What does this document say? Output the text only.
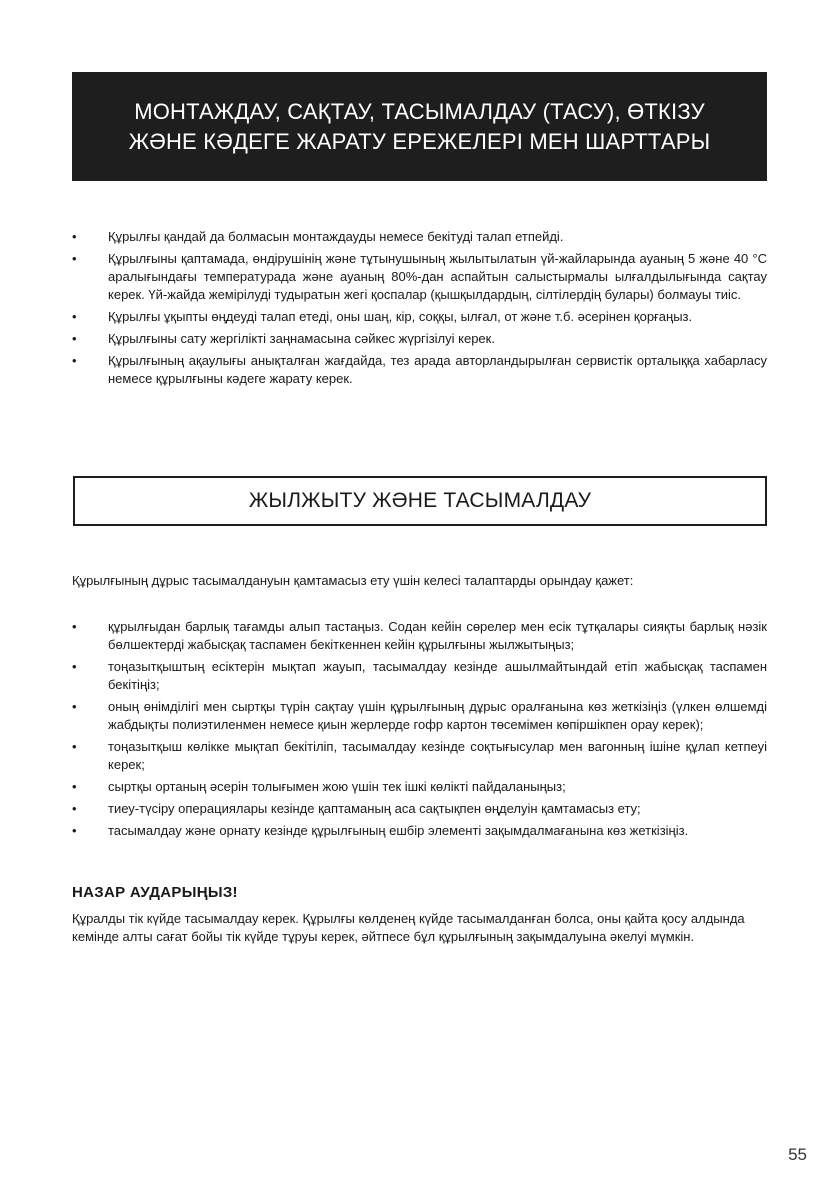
МОНТАЖДАУ, САҚТАУ, ТАСЫМАЛДАУ (ТАСУ), ӨТКІЗУ
ЖӘНЕ КӘДЕГЕ ЖАРАТУ ЕРЕЖЕЛЕРІ МЕН ШАРТТАРЫ
• Құрылғы қандай да болмасын монтаждауды немесе бекітуді талап етпейді.
• Құрылғыны қаптамада, өндірушінің және тұтынушының жылытылатын үй-жайларында ауаның 5 және 40 °С аралығындағы температурада және ауаның 80%-дан аспайтын салыстырмалы ылғалдылығында сақтау керек. Үй-жайда жемірілуді тудыратын жегі қоспалар (қышқылдардың, сілтілердің булары) болмауы тиіс.
• Құрылғы ұқыпты өңдеуді талап етеді, оны шаң, кір, соққы, ылғал, от және т.б. әсерінен қорғаңыз.
• Құрылғыны сату жергілікті заңнамасына сәйкес жүргізілуі керек.
• Құрылғының ақаулығы анықталған жағдайда, тез арада авторландырылған сервистік орталыққа хабарласу немесе құрылғыны кәдеге жарату керек.
ЖЫЛЖЫТУ ЖӘНЕ ТАСЫМАЛДАУ

Құрылғының дұрыс тасымалдануын қамтамасыз ету үшін келесі талаптарды орындау қажет:

• құрылғыдан барлық тағамды алып тастаңыз. Содан кейін сөрелер мен есік тұтқалары сияқты барлық нәзік бөлшектерді жабысқақ таспамен бекіткеннен кейін құрылғыны жылжытыңыз;
• тоңазытқыштың есіктерін мықтап жауып, тасымалдау кезінде ашылмайтындай етіп жабысқақ таспамен бекітіңіз;
• оның өнімділігі мен сыртқы түрін сақтау үшін құрылғының дұрыс оралғанына көз жеткізіңіз (үлкен өлшемді жабдықты полиэтиленмен немесе қиын жерлерде гофр картон төсемімен көпіршікпен орау керек);
• тоңазытқыш көлікке мықтап бекітіліп, тасымалдау кезінде соқтығысулар мен вагонның ішіне құлап кетпеуі керек;
• сыртқы ортаның әсерін толығымен жою үшін тек ішкі көлікті пайдаланыңыз;
• тиеу-түсіру операциялары кезінде қаптаманың аса сақтықпен өңделуін қамтамасыз ету;
• тасымалдау және орнату кезінде құрылғының ешбір элементі зақымдалмағанына көз жеткізіңіз.
НАЗАР АУДАРЫҢЫЗ!

Құралды тік күйде тасымалдау керек. Құрылғы көлденең күйде тасымалданған болса, оны қайта қосу алдында кемінде алты сағат бойы тік күйде тұруы керек, әйтпесе бұл құрылғының зақымдалуына әкелуі мүмкін.

55
